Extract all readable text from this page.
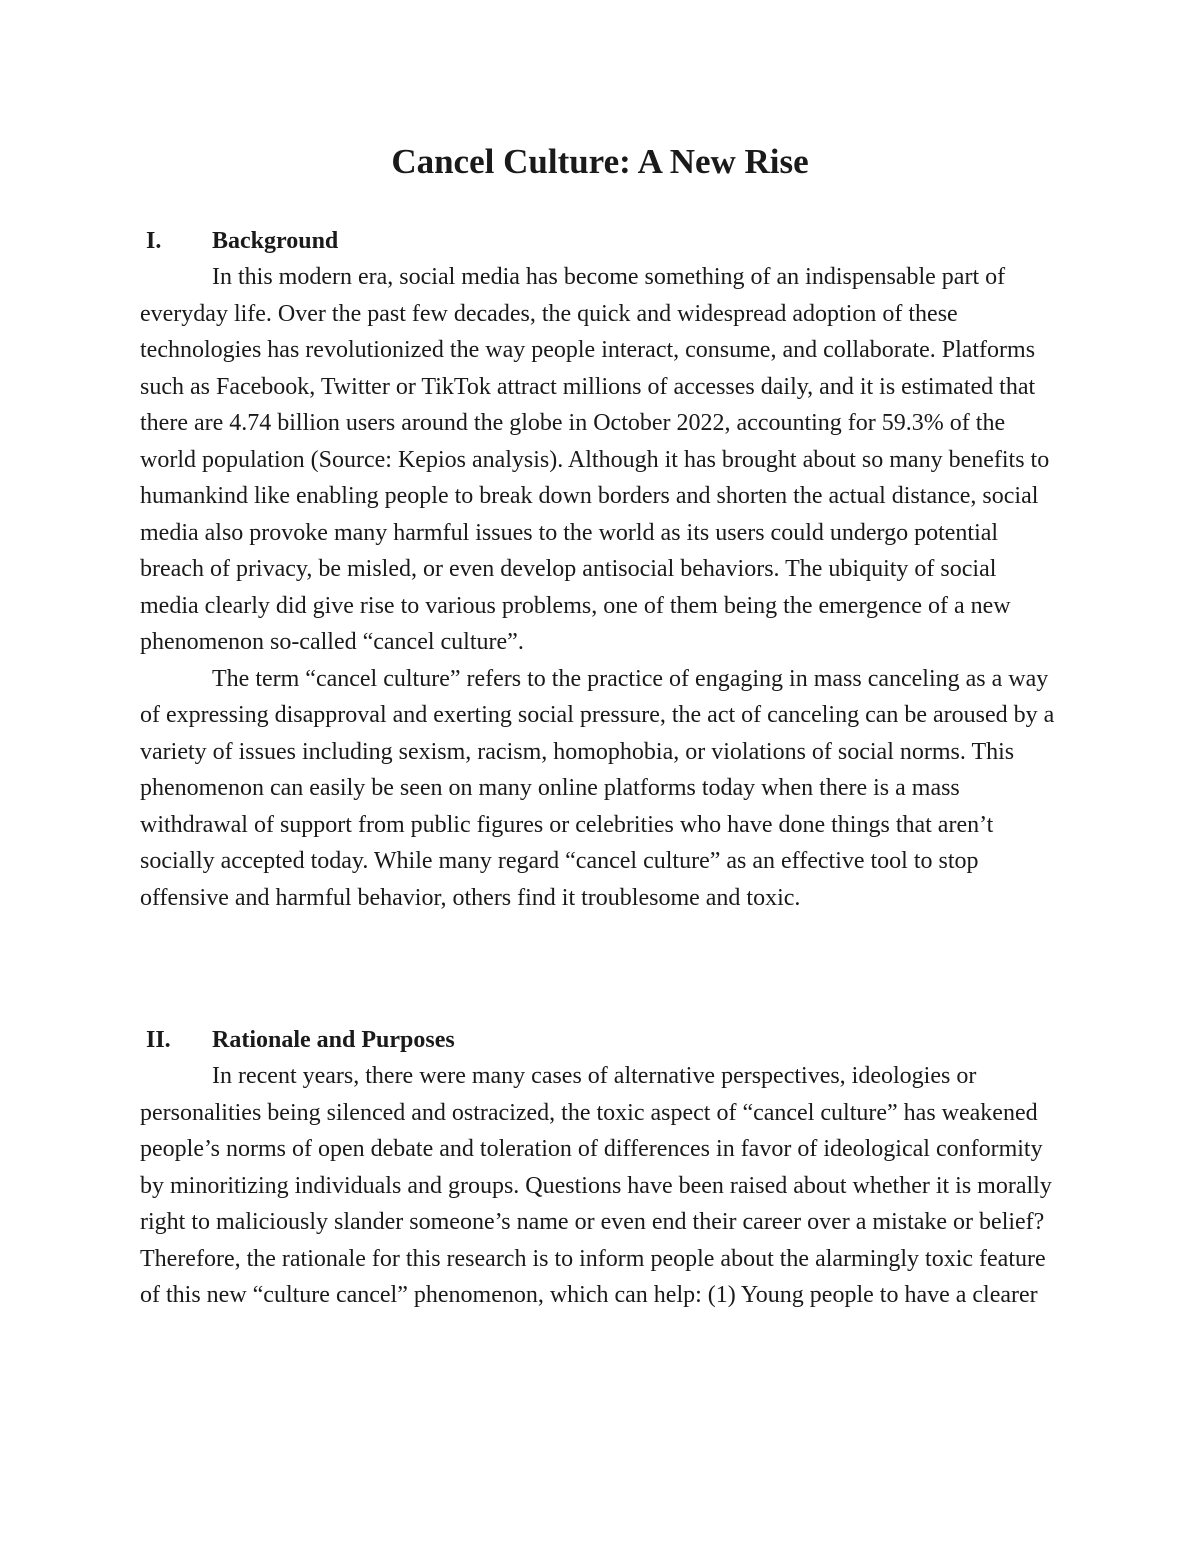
Cancel Culture: A New Rise
I. Background

In this modern era, social media has become something of an indispensable part of everyday life. Over the past few decades, the quick and widespread adoption of these technologies has revolutionized the way people interact, consume, and collaborate. Platforms such as Facebook, Twitter or TikTok attract millions of accesses daily, and it is estimated that there are 4.74 billion users around the globe in October 2022, accounting for 59.3% of the world population (Source: Kepios analysis). Although it has brought about so many benefits to humankind like enabling people to break down borders and shorten the actual distance, social media also provoke many harmful issues to the world as its users could undergo potential breach of privacy, be misled, or even develop antisocial behaviors. The ubiquity of social media clearly did give rise to various problems, one of them being the emergence of a new phenomenon so-called “cancel culture”.

The term “cancel culture” refers to the practice of engaging in mass canceling as a way of expressing disapproval and exerting social pressure, the act of canceling can be aroused by a variety of issues including sexism, racism, homophobia, or violations of social norms. This phenomenon can easily be seen on many online platforms today when there is a mass withdrawal of support from public figures or celebrities who have done things that aren’t socially accepted today. While many regard “cancel culture” as an effective tool to stop offensive and harmful behavior, others find it troublesome and toxic.

II. Rationale and Purposes

In recent years, there were many cases of alternative perspectives, ideologies or personalities being silenced and ostracized, the toxic aspect of “cancel culture” has weakened people’s norms of open debate and toleration of differences in favor of ideological conformity by minoritizing individuals and groups. Questions have been raised about whether it is morally right to maliciously slander someone’s name or even end their career over a mistake or belief? Therefore, the rationale for this research is to inform people about the alarmingly toxic feature of this new “culture cancel” phenomenon, which can help: (1) Young people to have a clearer
